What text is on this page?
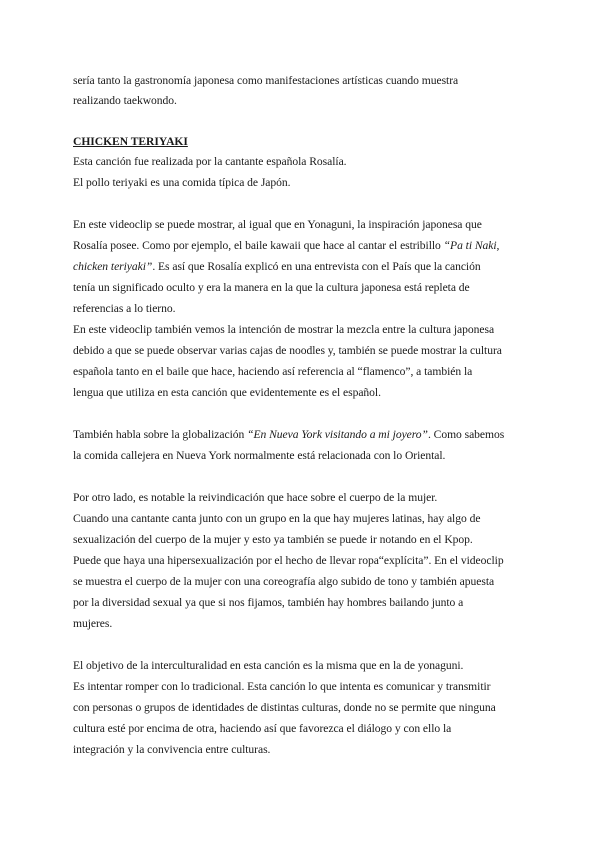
sería tanto la gastronomía japonesa como manifestaciones artísticas cuando muestra
realizando taekwondo.
CHICKEN TERIYAKI
Esta canción fue realizada por la cantante española Rosalía.
El pollo teriyaki es una comida típica de Japón.
En este videoclip se puede mostrar, al igual que en Yonaguni, la inspiración japonesa que
Rosalía posee. Como por ejemplo, el baile kawaii que hace al cantar el estribillo “Pa ti Naki,
chicken teriyaki”. Es así que Rosalía explicó en una entrevista con el País que la canción
tenía un significado oculto y era la manera en la que la cultura japonesa está repleta de
referencias a lo tierno.
En este videoclip también vemos la intención de mostrar la mezcla entre la cultura japonesa
debido a que se puede observar varias cajas de noodles y, también se puede mostrar la cultura
española tanto en el baile que hace, haciendo así referencia al “flamenco”, a también la
lengua que utiliza en esta canción que evidentemente es el español.
También habla sobre la globalización “En Nueva York visitando a mi joyero”. Como sabemos
la comida callejera en Nueva York normalmente está relacionada con lo Oriental.
Por otro lado, es notable la reivindicación que hace sobre el cuerpo de la mujer.
Cuando una cantante canta junto con un grupo en la que hay mujeres latinas, hay algo de
sexualización del cuerpo de la mujer y esto ya también se puede ir notando en el Kpop.
Puede que haya una hipersexualización por el hecho de llevar ropa“explícita”. En el videoclip
se muestra el cuerpo de la mujer con una coreografía algo subido de tono y también apuesta
por la diversidad sexual ya que si nos fijamos, también hay hombres bailando junto a
mujeres.
El objetivo de la interculturalidad en esta canción es la misma que en la de yonaguni.
Es intentar romper con lo tradicional. Esta canción lo que intenta es comunicar y transmitir
con personas o grupos de identidades de distintas culturas, donde no se permite que ninguna
cultura esté por encima de otra, haciendo así que favorezca el diálogo y con ello la
integración y la convivencia entre culturas.
